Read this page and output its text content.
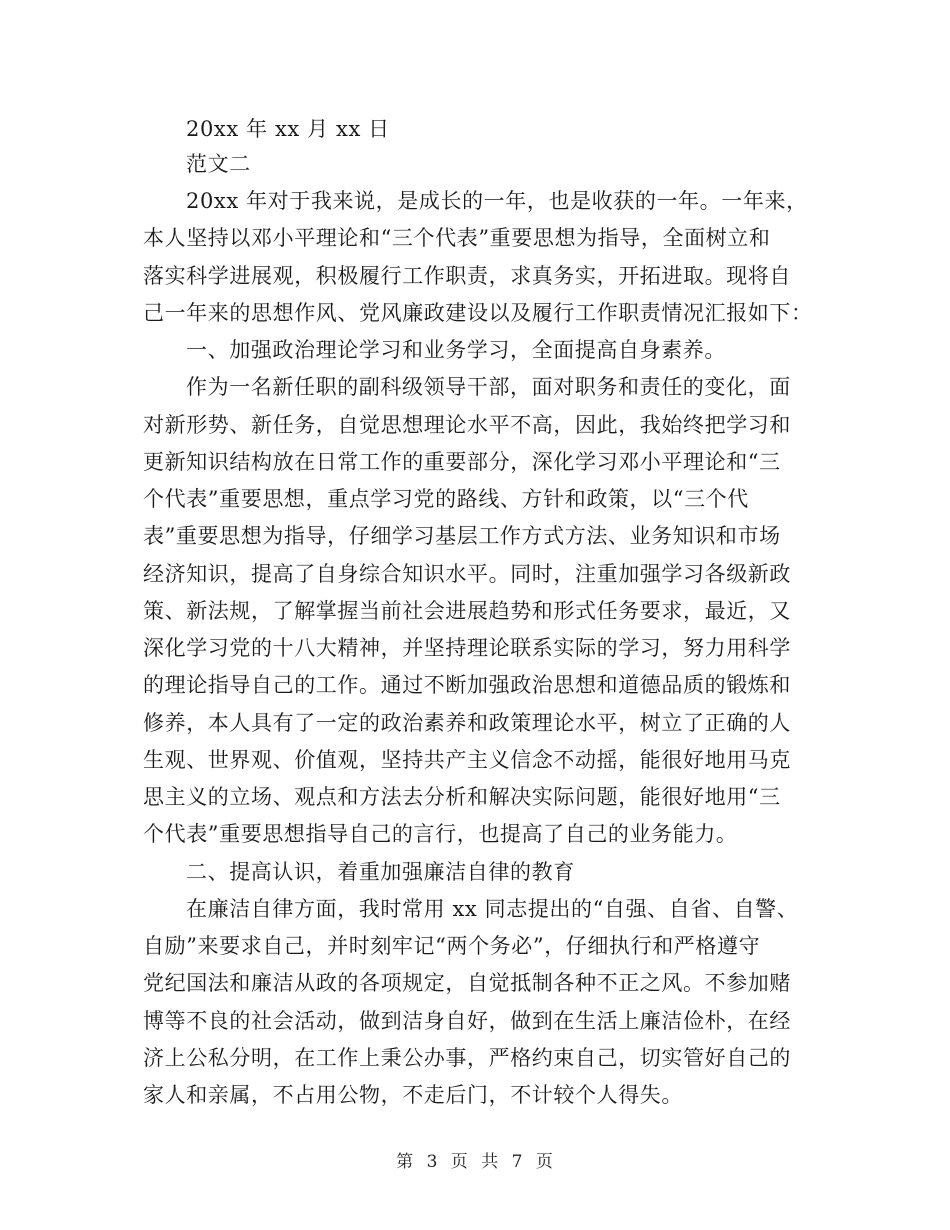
20xx 年 xx 月 xx 日
范文二
20xx 年对于我来说，是成长的一年，也是收获的一年。一年来，
本人坚持以邓小平理论和“三个代表”重要思想为指导，全面树立和
落实科学进展观，积极履行工作职责，求真务实，开拓进取。现将自
己一年来的思想作风、党风廉政建设以及履行工作职责情况汇报如下：
一、加强政治理论学习和业务学习，全面提高自身素养。
作为一名新任职的副科级领导干部，面对职务和责任的变化，面
对新形势、新任务，自觉思想理论水平不高，因此，我始终把学习和
更新知识结构放在日常工作的重要部分，深化学习邓小平理论和“三
个代表”重要思想，重点学习党的路线、方针和政策，以“三个代
表”重要思想为指导，仔细学习基层工作方式方法、业务知识和市场
经济知识，提高了自身综合知识水平。同时，注重加强学习各级新政
策、新法规，了解掌握当前社会进展趋势和形式任务要求，最近，又
深化学习党的十八大精神，并坚持理论联系实际的学习，努力用科学
的理论指导自己的工作。通过不断加强政治思想和道德品质的锻炼和
修养，本人具有了一定的政治素养和政策理论水平，树立了正确的人
生观、世界观、价值观，坚持共产主义信念不动摇，能很好地用马克
思主义的立场、观点和方法去分析和解决实际问题，能很好地用“三
个代表”重要思想指导自己的言行，也提高了自己的业务能力。
二、提高认识，着重加强廉洁自律的教育
在廉洁自律方面，我时常用 xx 同志提出的“自强、自省、自警、
自励”来要求自己，并时刻牢记“两个务必”，仔细执行和严格遵守
党纪国法和廉洁从政的各项规定，自觉抵制各种不正之风。不参加赌
博等不良的社会活动，做到洁身自好，做到在生活上廉洁俭朴，在经
济上公私分明，在工作上秉公办事，严格约束自己，切实管好自己的
家人和亲属，不占用公物，不走后门，不计较个人得失。
第 3 页 共 7 页
